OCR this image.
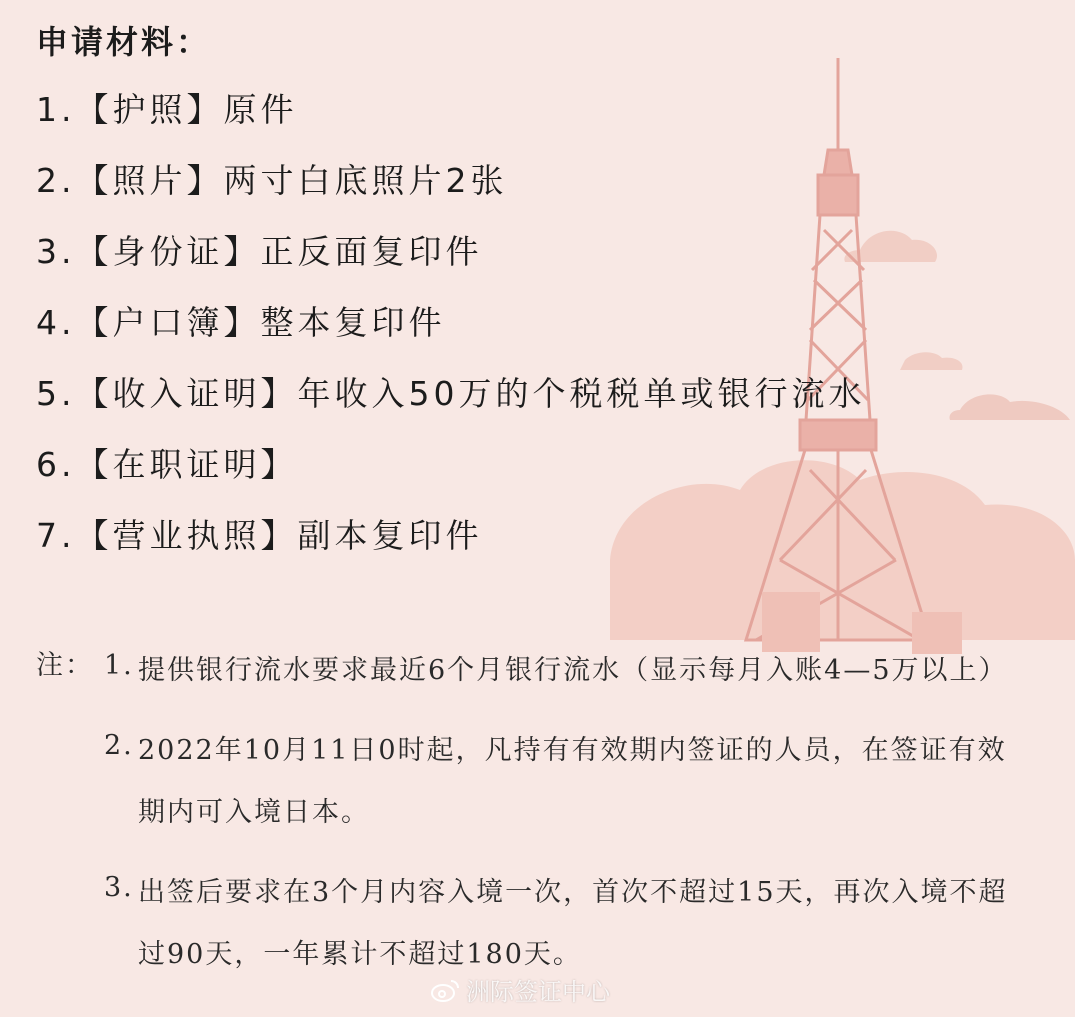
申请材料：
1.【护照】原件
2.【照片】两寸白底照片2张
3.【身份证】正反面复印件
4.【户口簿】整本复印件
5.【收入证明】年收入50万的个税税单或银行流水
6.【在职证明】
7.【营业执照】副本复印件
注： 1. 提供银行流水要求最近6个月银行流水（显示每月入账4—5万以上）
2. 2022年10月11日0时起，凡持有有效期内签证的人员，在签证有效期内可入境日本。
3. 出签后要求在3个月内容入境一次，首次不超过15天，再次入境不超过90天，一年累计不超过180天。
洲际签证中心
